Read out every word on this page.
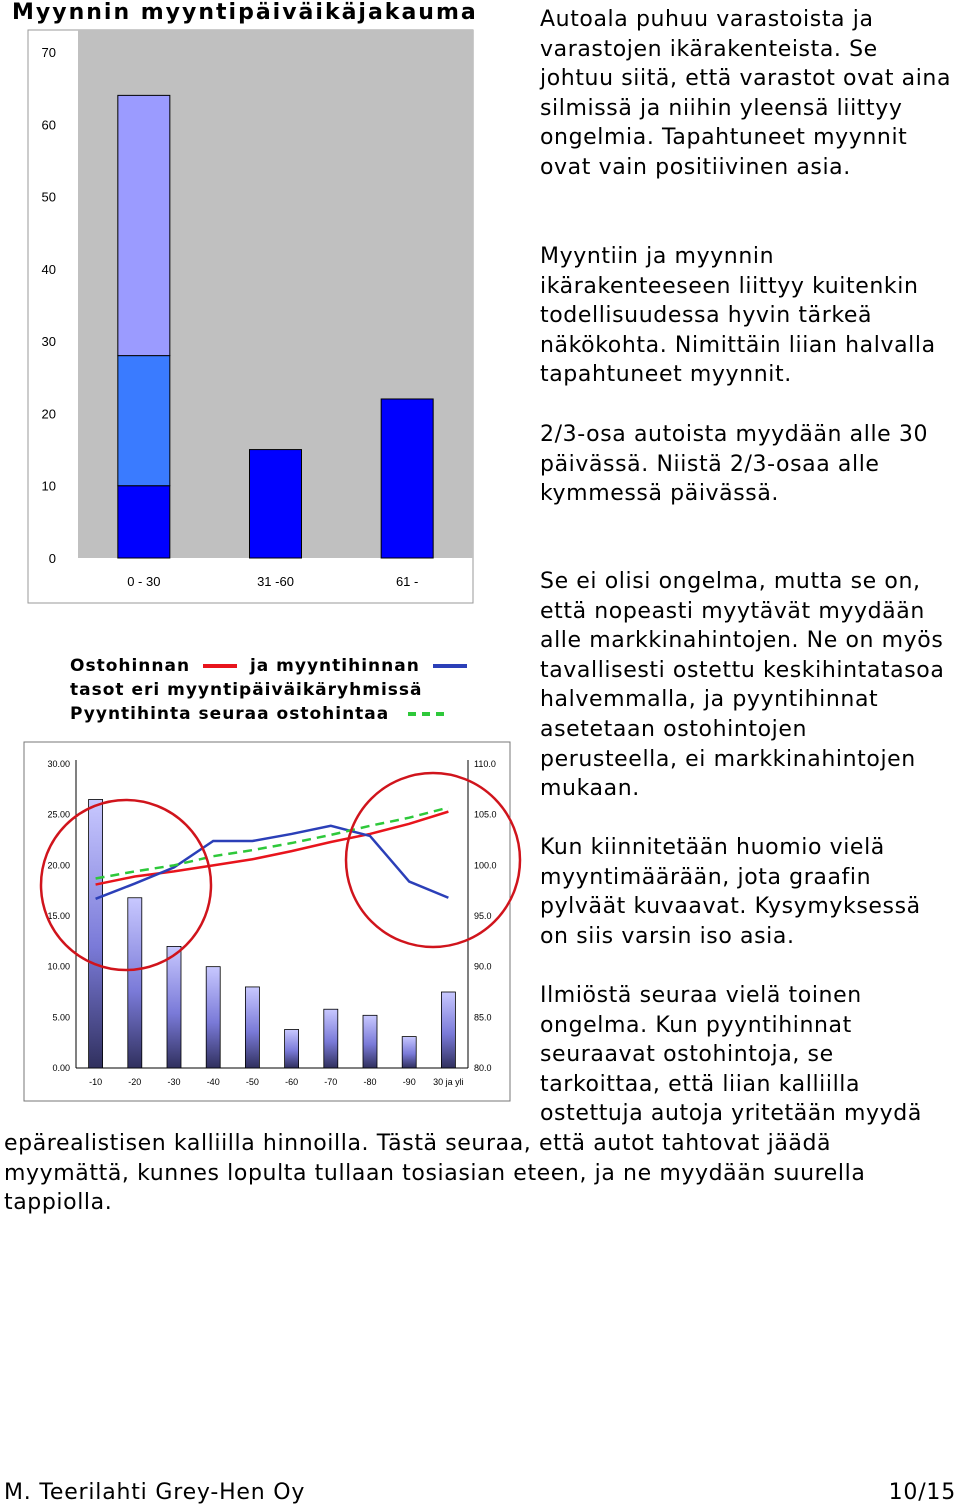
Myynnin myyntipäiväikäjakauma
0
10
20
30
40
50
60
70
0 - 30	31 -60	61 -
Ostohinnan	ja myyntihinnan
tasot eri myyntipäiväikäryhmissä
Pyyntihinta seuraa ostohintaa
0.00
5.00
10.00
15.00
20.00
25.00
30.00
80.0
85.0
90.0
95.0
100.0
105.0
110.0
-10	-20	-30	-40	-50	-60	-70	-80	-90 30 ja yli
Autoala puhuu varastoista ja varastojen ikärakenteista. Se johtuu siitä, että varastot ovat aina silmissä ja niihin yleensä liittyy ongelmia. Tapahtuneet myynnit ovat vain positiivinen asia.
Myyntiin ja myynnin ikärakenteeseen liittyy kuitenkin todellisuudessa hyvin tärkeä näkökohta. Nimittäin liian halvalla tapahtuneet myynnit.
2/3-osa autoista myydään alle 30 päivässä. Niistä 2/3-osaa alle kymmessä päivässä.
Se ei olisi ongelma, mutta se on, että nopeasti myytävät myydään alle markkinahintojen. Ne on myös tavallisesti ostettu keskihintatasoa halvemmalla, ja pyyntihinnat asetetaan ostohintojen perusteella, ei markkinahintojen mukaan.
Kun kiinnitetään huomio vielä myyntimäärään, jota graafin pylväät kuvaavat. Kysymyksessä on siis varsin iso asia.
Ilmiöstä seuraa vielä toinen ongelma. Kun pyyntihinnat seuraavat ostohintoja, se tarkoittaa, että liian kalliilla ostettuja autoja yritetään myydä
epärealistisen kalliilla hinnoilla. Tästä seuraa, että autot tahtovat jäädä myymättä, kunnes lopulta tullaan tosiasian eteen, ja ne myydään suurella tappiolla.
M. Teerilahti Grey-Hen Oy	10/15
